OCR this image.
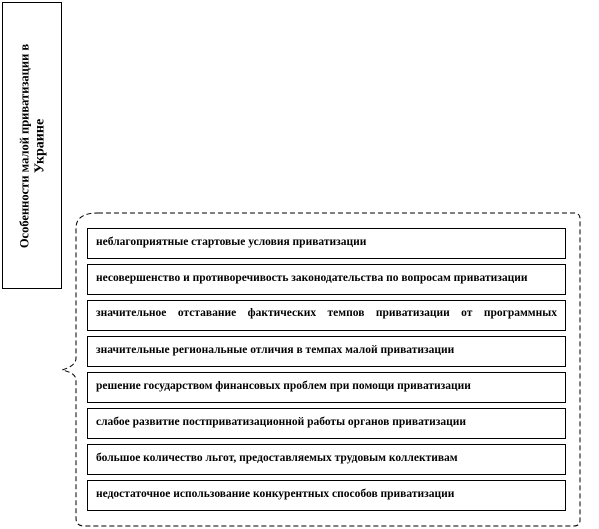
Особенности малой приватизации в Украине
неблагоприятные стартовые условия приватизации
несовершенство и противоречивость законодательства по вопросам приватизации
значительное отставание фактических темпов приватизации от программных
значительные региональные отличия в темпах малой приватизации
решение государством финансовых проблем при помощи приватизации
слабое развитие постприватизационной работы органов приватизации
большое количество льгот, предоставляемых трудовым коллективам
недостаточное использование конкурентных способов приватизации
